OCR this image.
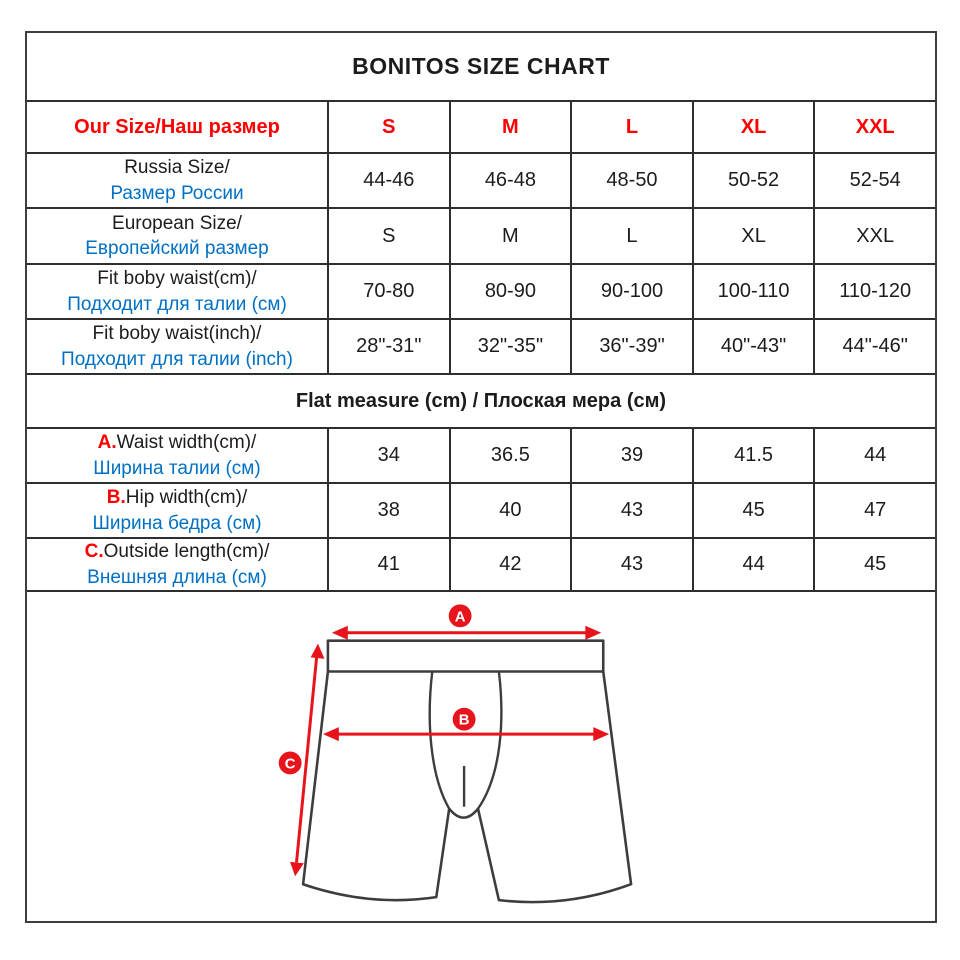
BONITOS SIZE CHART
Our Size/Наш размер	S	M	L	XL	XXL
Russia Size/
Размер России
44-46	46-48	48-50	50-52	52-54
European Size/
Европейский размер
S	M	L	XL	XXL
Fit boby waist(cm)/
Подходит для талии (см)
70-80	80-90	90-100	100-110	110-120
Fit boby waist(inch)/
Подходит для талии (inch)
28"-31"	32"-35"	36"-39"	40"-43"	44"-46"
Flat measure (cm) / Плоская мера (см)
A.Waist width(cm)/
Ширина талии (см)
34	36.5	39	41.5	44
B.Hip width(cm)/
Ширина бедра (см)
38	40	43	45	47
C.Outside length(cm)/
Внешняя длина (см)
41	42	43	44	45
A
B
C
